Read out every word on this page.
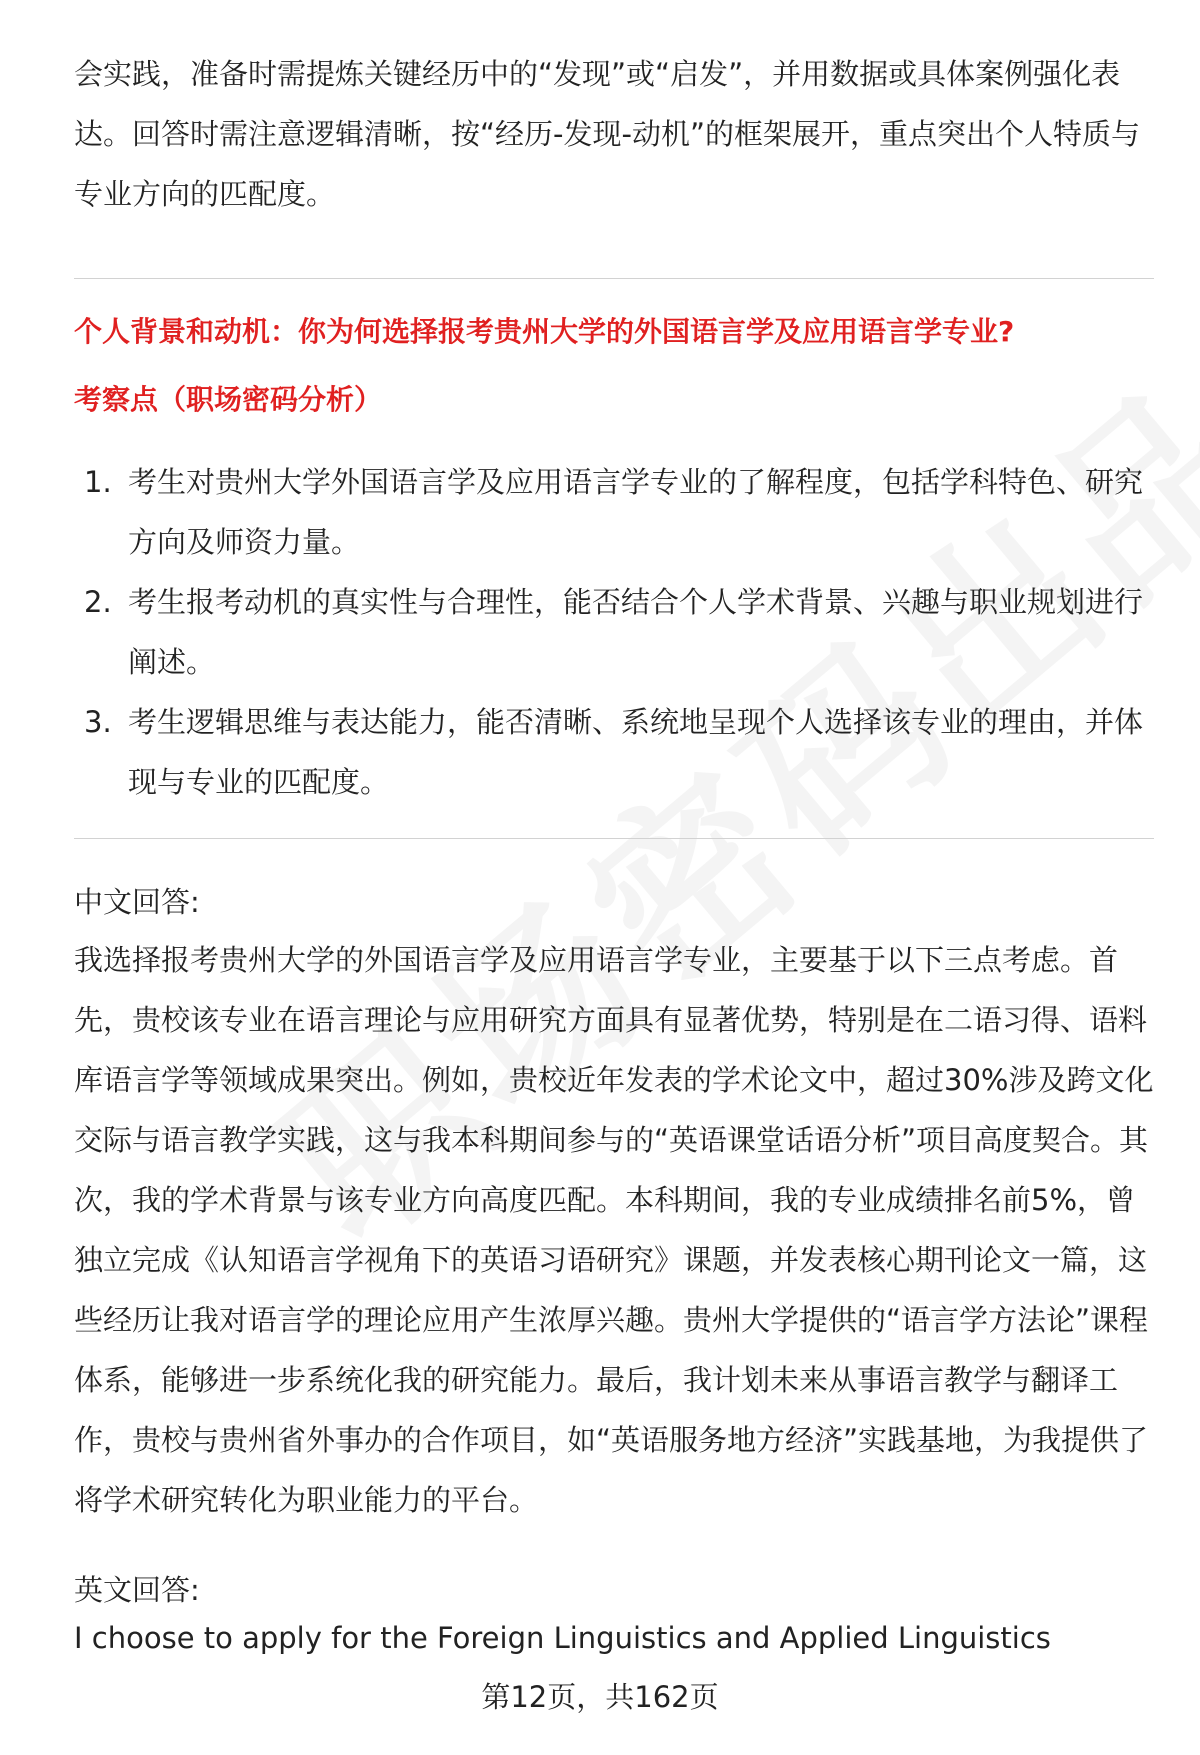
会实践，准备时需提炼关键经历中的“发现”或“启发”，并用数据或具体案例强化表达。回答时需注意逻辑清晰，按“经历-发现-动机”的框架展开，重点突出个人特质与专业方向的匹配度。

个人背景和动机：你为何选择报考贵州大学的外国语言学及应用语言学专业?
考察点（职场密码分析）
1. 考生对贵州大学外国语言学及应用语言学专业的了解程度，包括学科特色、研究方向及师资力量。
2. 考生报考动机的真实性与合理性，能否结合个人学术背景、兴趣与职业规划进行阐述。
3. 考生逻辑思维与表达能力，能否清晰、系统地呈现个人选择该专业的理由，并体现与专业的匹配度。

中文回答:

我选择报考贵州大学的外国语言学及应用语言学专业，主要基于以下三点考虑。首先，贵校该专业在语言理论与应用研究方面具有显著优势，特别是在二语习得、语料库语言学等领域成果突出。例如，贵校近年发表的学术论文中，超过30%涉及跨文化交际与语言教学实践，这与我本科期间参与的“英语课堂话语分析”项目高度契合。其次，我的学术背景与该专业方向高度匹配。本科期间，我的专业成绩排名前5%，曾独立完成《认知语言学视角下的英语习语研究》课题，并发表核心期刊论文一篇，这些经历让我对语言学的理论应用产生浓厚兴趣。贵州大学提供的“语言学方法论”课程体系，能够进一步系统化我的研究能力。最后，我计划未来从事语言教学与翻译工作，贵校与贵州省外事办的合作项目，如“英语服务地方经济”实践基地，为我提供了将学术研究转化为职业能力的平台。

英文回答:

I choose to apply for the Foreign Linguistics and Applied Linguistics

第12页，共162页
